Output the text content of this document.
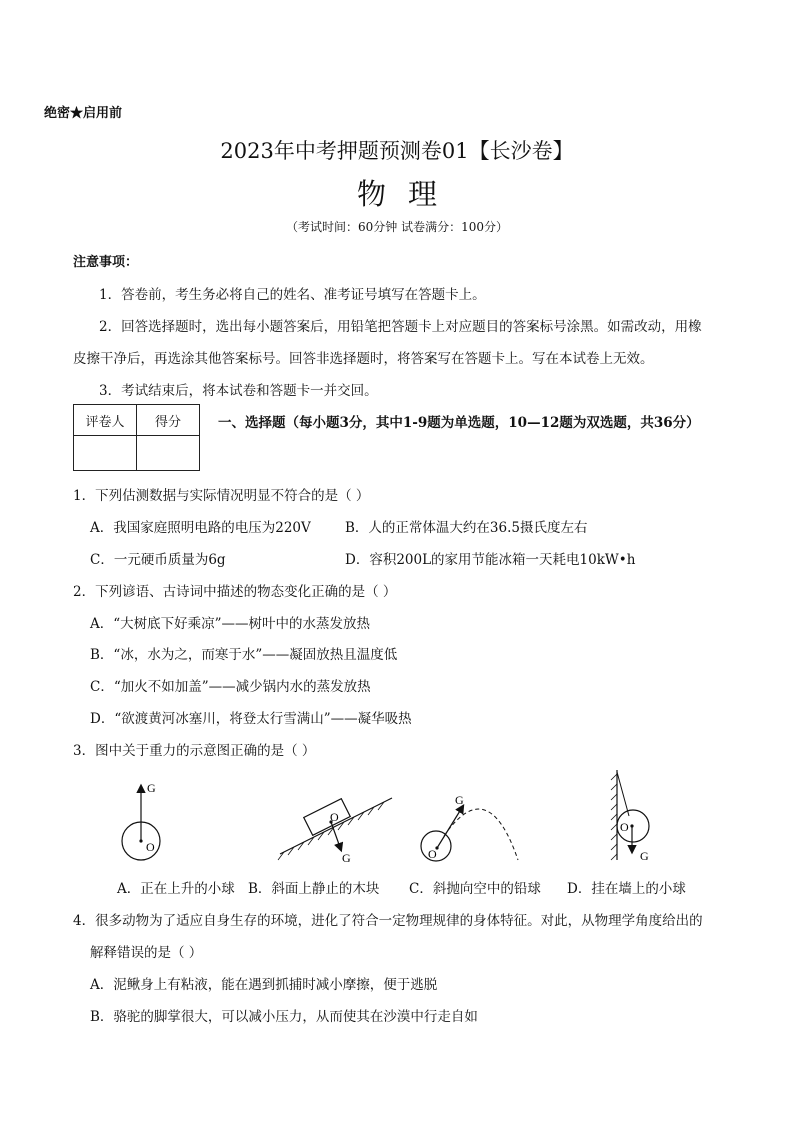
绝密★启用前
2023年中考押题预测卷01【长沙卷】
物理
（考试时间：60分钟 试卷满分：100分）
注意事项：
1．答卷前，考生务必将自己的姓名、准考证号填写在答题卡上。
2．回答选择题时，选出每小题答案后，用铅笔把答题卡上对应题目的答案标号涂黑。如需改动，用橡
皮擦干净后，再选涂其他答案标号。回答非选择题时，将答案写在答题卡上。写在本试卷上无效。
3．考试结束后，将本试卷和答题卡一并交回。
评卷人	得分
		一、选择题（每小题3分，其中1-9题为单选题，10—12题为双选题，共36分）
1．下列估测数据与实际情况明显不符合的是（ ）
A．我国家庭照明电路的电压为220V	B．人的正常体温大约在36.5摄氏度左右
C．一元硬币质量为6g	D．容积200L的家用节能冰箱一天耗电10kW•h
2．下列谚语、古诗词中描述的物态变化正确的是（ ）
A．“大树底下好乘凉”——树叶中的水蒸发放热
B．“冰，水为之，而寒于水”——凝固放热且温度低
C．“加火不如加盖”——减少锅内水的蒸发放热
D．“欲渡黄河冰塞川，将登太行雪满山”——凝华吸热
3．图中关于重力的示意图正确的是（ ）
G
O
O
G
G
O
O
G
A．正在上升的小球 B．斜面上静止的木块 C．斜抛向空中的铅球 D．挂在墙上的小球
4．很多动物为了适应自身生存的环境，进化了符合一定物理规律的身体特征。对此，从物理学角度给出的
解释错误的是（ ）
A．泥鳅身上有粘液，能在遇到抓捕时减小摩擦，便于逃脱
B．骆驼的脚掌很大，可以减小压力，从而使其在沙漠中行走自如
